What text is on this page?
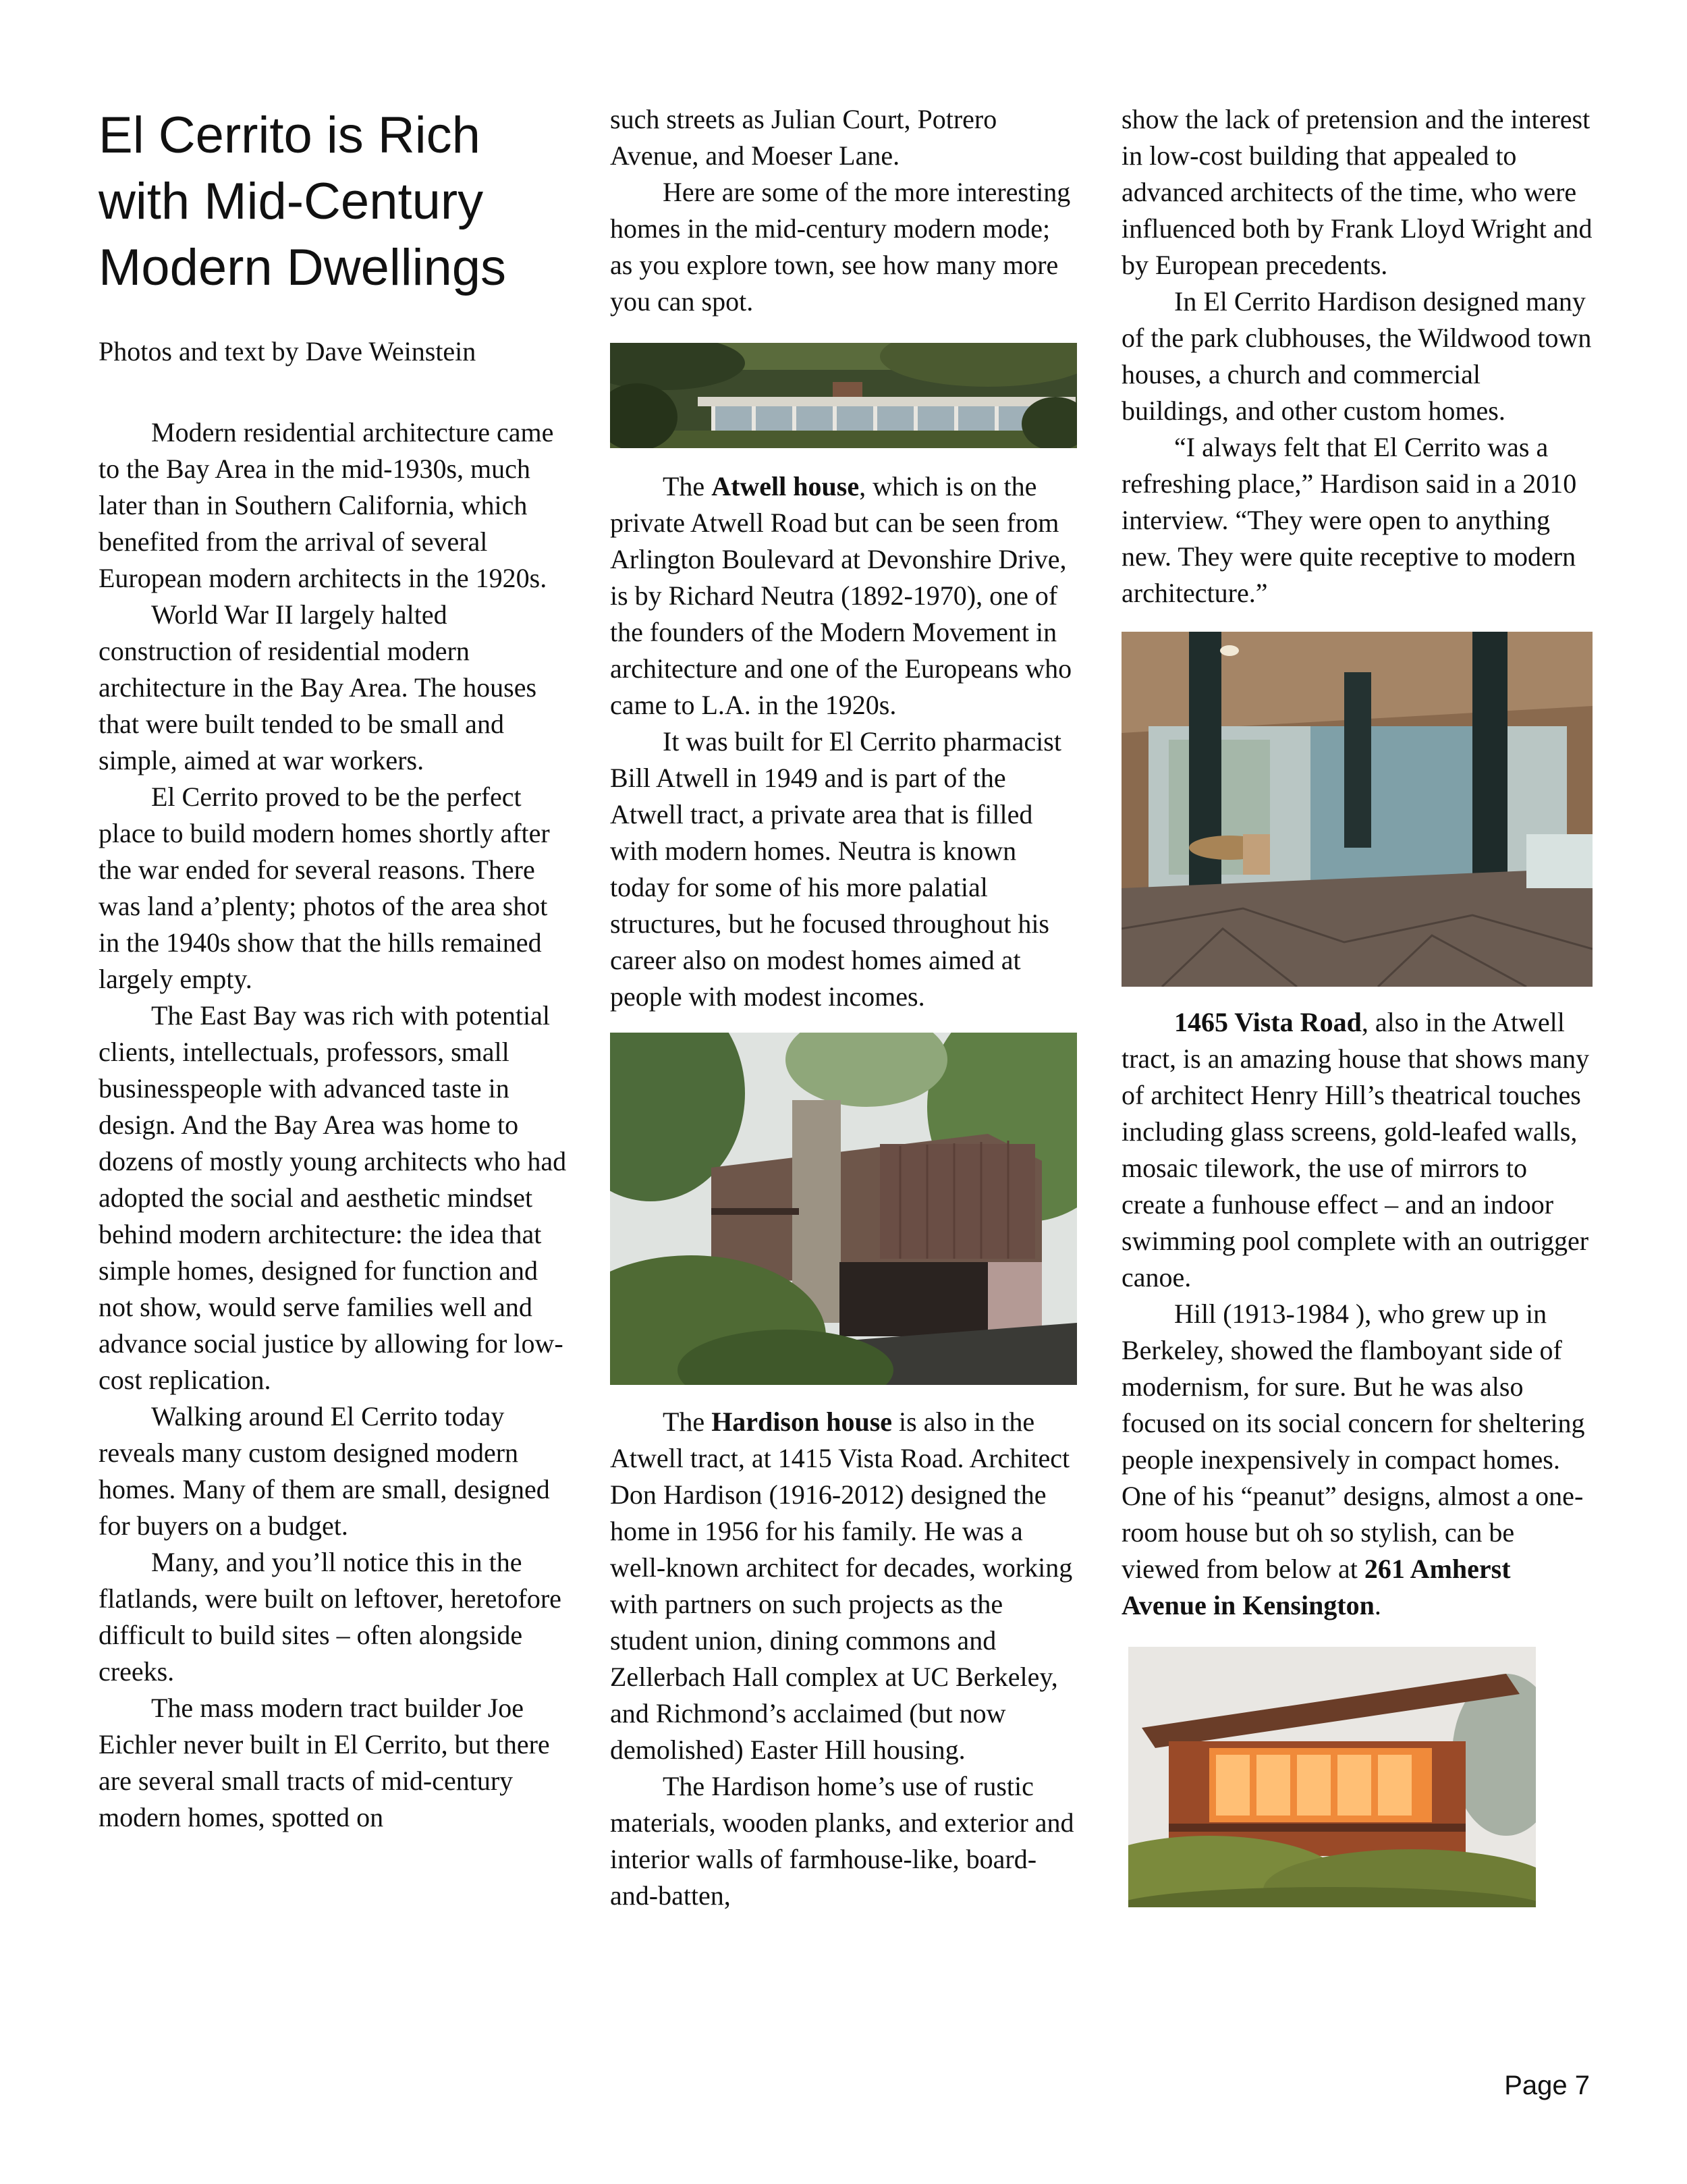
El Cerrito is Rich
with Mid-Century
Modern Dwellings

Photos and text by Dave Weinstein

Modern residential architecture came to the Bay Area in the mid-1930s, much later than in Southern California, which benefited from the arrival of several European modern architects in the 1920s.

World War II largely halted construction of residential modern architecture in the Bay Area. The houses that were built tended to be small and simple, aimed at war workers.

El Cerrito proved to be the perfect place to build modern homes shortly after the war ended for several reasons. There was land a’plenty; photos of the area shot in the 1940s show that the hills remained largely empty.

The East Bay was rich with potential clients, intellectuals, professors, small businesspeople with advanced taste in design. And the Bay Area was home to dozens of mostly young architects who had adopted the social and aesthetic mindset behind modern architecture: the idea that simple homes, designed for function and not show, would serve families well and advance social justice by allowing for low-cost replication.

Walking around El Cerrito today reveals many custom designed modern homes. Many of them are small, designed for buyers on a budget.

Many, and you’ll notice this in the flatlands, were built on leftover, heretofore difficult to build sites – often alongside creeks.

The mass modern tract builder Joe Eichler never built in El Cerrito, but there are several small tracts of mid-century modern homes, spotted on

such streets as Julian Court, Potrero Avenue, and Moeser Lane.

Here are some of the more interesting homes in the mid-century modern mode; as you explore town, see how many more you can spot.

The Atwell house, which is on the private Atwell Road but can be seen from Arlington Boulevard at Devonshire Drive, is by Richard Neutra (1892-1970), one of the founders of the Modern Movement in architecture and one of the Europeans who came to L.A. in the 1920s.

It was built for El Cerrito pharmacist Bill Atwell in 1949 and is part of the Atwell tract, a private area that is filled with modern homes. Neutra is known today for some of his more palatial structures, but he focused throughout his career also on modest homes aimed at people with modest incomes.

The Hardison house is also in the Atwell tract, at 1415 Vista Road. Architect Don Hardison (1916-2012) designed the home in 1956 for his family. He was a well-known architect for decades, working with partners on such projects as the student union, dining commons and Zellerbach Hall complex at UC Berkeley, and Richmond’s acclaimed (but now demolished) Easter Hill housing.

The Hardison home’s use of rustic materials, wooden planks, and exterior and interior walls of farmhouse-like, board-and-batten,

show the lack of pretension and the interest in low-cost building that appealed to advanced architects of the time, who were influenced both by Frank Lloyd Wright and by European precedents.

In El Cerrito Hardison designed many of the park clubhouses, the Wildwood town houses, a church and commercial buildings, and other custom homes.

“I always felt that El Cerrito was a refreshing place,” Hardison said in a 2010 interview. “They were open to anything new. They were quite receptive to modern architecture.”

1465 Vista Road, also in the Atwell tract, is an amazing house that shows many of architect Henry Hill’s theatrical touches including glass screens, gold-leafed walls, mosaic tilework, the use of mirrors to create a funhouse effect – and an indoor swimming pool complete with an outrigger canoe.

Hill (1913-1984 ), who grew up in Berkeley, showed the flamboyant side of modernism, for sure. But he was also focused on its social concern for sheltering people inexpensively in compact homes. One of his “peanut” designs, almost a one-room house but oh so stylish, can be viewed from below at 261 Amherst Avenue in Kensington.

Page 7
